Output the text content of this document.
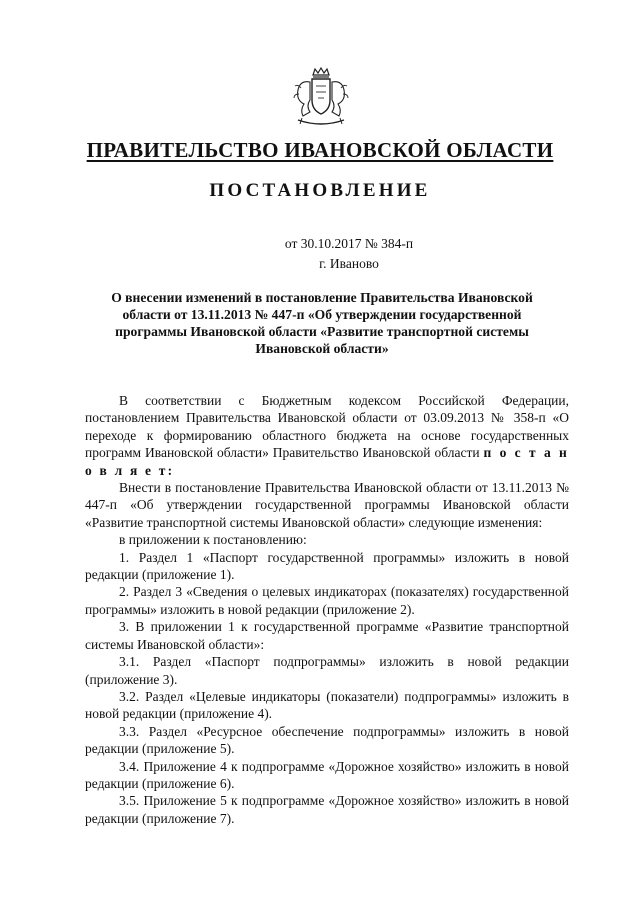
ПРАВИТЕЛЬСТВО ИВАНОВСКОЙ ОБЛАСТИ
ПОСТАНОВЛЕНИЕ
от 30.10.2017 № 384-п
г. Иваново
О внесении изменений в постановление Правительства Ивановской области от 13.11.2013 № 447-п «Об утверждении государственной программы Ивановской области «Развитие транспортной системы Ивановской области»

В соответствии с Бюджетным кодексом Российской Федерации, постановлением Правительства Ивановской области от 03.09.2013 № 358-п «О переходе к формированию областного бюджета на основе государственных программ Ивановской области» Правительство Ивановской области п о с т а н о в л я е т:

Внести в постановление Правительства Ивановской области от 13.11.2013 № 447-п «Об утверждении государственной программы Ивановской области «Развитие транспортной системы Ивановской области» следующие изменения:

в приложении к постановлению:

1. Раздел 1 «Паспорт государственной программы» изложить в новой редакции (приложение 1).

2. Раздел 3 «Сведения о целевых индикаторах (показателях) государственной программы» изложить в новой редакции (приложение 2).

3. В приложении 1 к государственной программе «Развитие транспортной системы Ивановской области»:

3.1. Раздел «Паспорт подпрограммы» изложить в новой редакции (приложение 3).

3.2. Раздел «Целевые индикаторы (показатели) подпрограммы» изложить в новой редакции (приложение 4).

3.3. Раздел «Ресурсное обеспечение подпрограммы» изложить в новой редакции (приложение 5).

3.4. Приложение 4 к подпрограмме «Дорожное хозяйство» изложить в новой редакции (приложение 6).

3.5. Приложение 5 к подпрограмме «Дорожное хозяйство» изложить в новой редакции (приложение 7).
